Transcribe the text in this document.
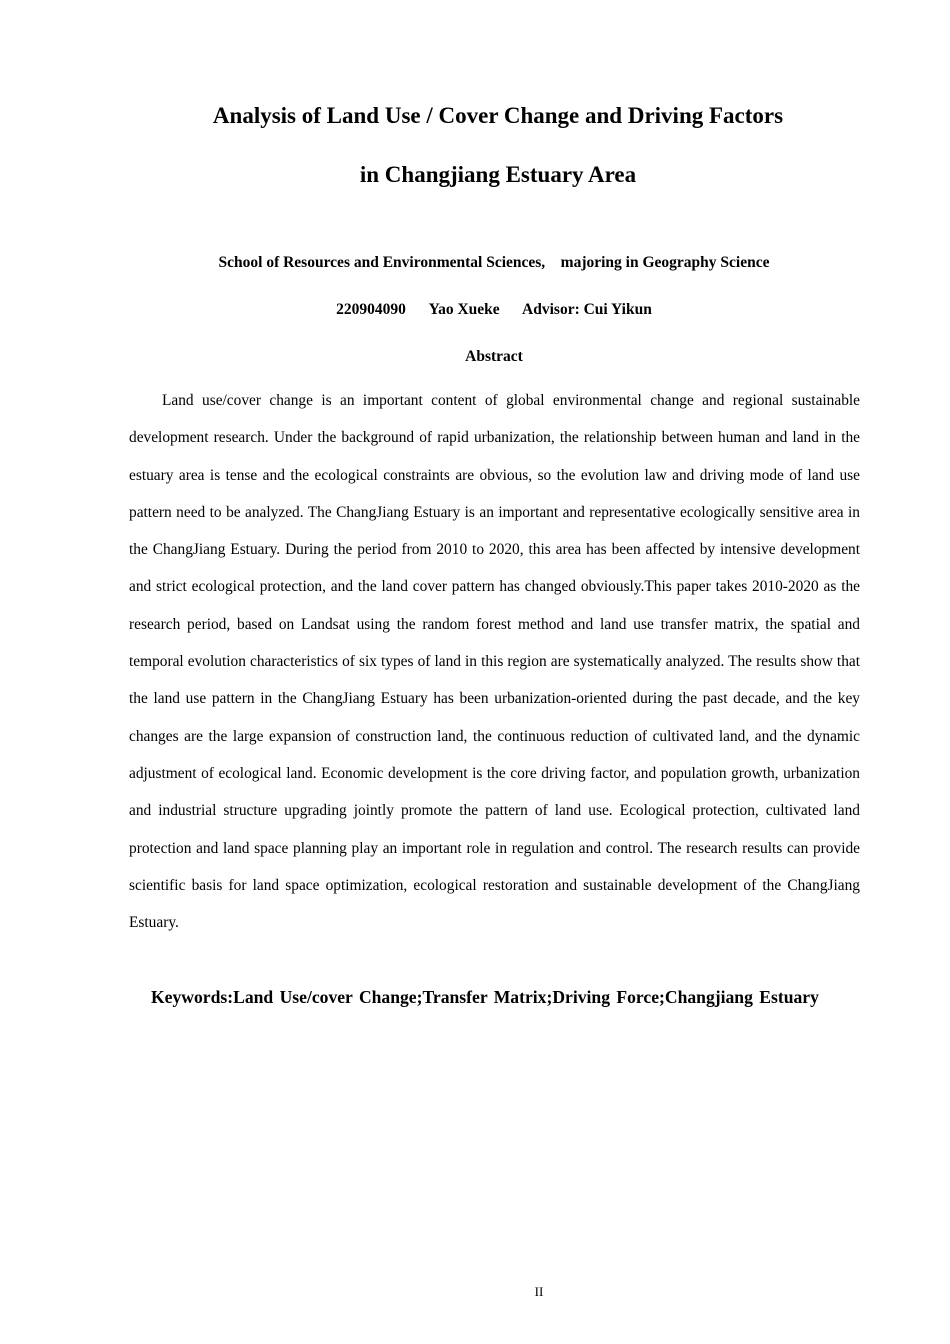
Analysis of Land Use / Cover Change and Driving Factors
in Changjiang Estuary Area

School of Resources and Environmental Sciences,    majoring in Geography Science

220904090      Yao Xueke      Advisor: Cui Yikun

Abstract

Land use/cover change is an important content of global environmental change and regional sustainable development research. Under the background of rapid urbanization, the relationship between human and land in the estuary area is tense and the ecological constraints are obvious, so the evolution law and driving mode of land use pattern need to be analyzed. The ChangJiang Estuary is an important and representative ecologically sensitive area in the ChangJiang Estuary. During the period from 2010 to 2020, this area has been affected by intensive development and strict ecological protection, and the land cover pattern has changed obviously.This paper takes 2010-2020 as the research period, based on Landsat using the random forest method and land use transfer matrix, the spatial and temporal evolution characteristics of six types of land in this region are systematically analyzed. The results show that the land use pattern in the ChangJiang Estuary has been urbanization-oriented during the past decade, and the key changes are the large expansion of construction land, the continuous reduction of cultivated land, and the dynamic adjustment of ecological land. Economic development is the core driving factor, and population growth, urbanization and industrial structure upgrading jointly promote the pattern of land use. Ecological protection, cultivated land protection and land space planning play an important role in regulation and control. The research results can provide scientific basis for land space optimization, ecological restoration and sustainable development of the ChangJiang Estuary.

Keywords:Land Use/cover Change;Transfer Matrix;Driving Force;Changjiang Estuary

II
